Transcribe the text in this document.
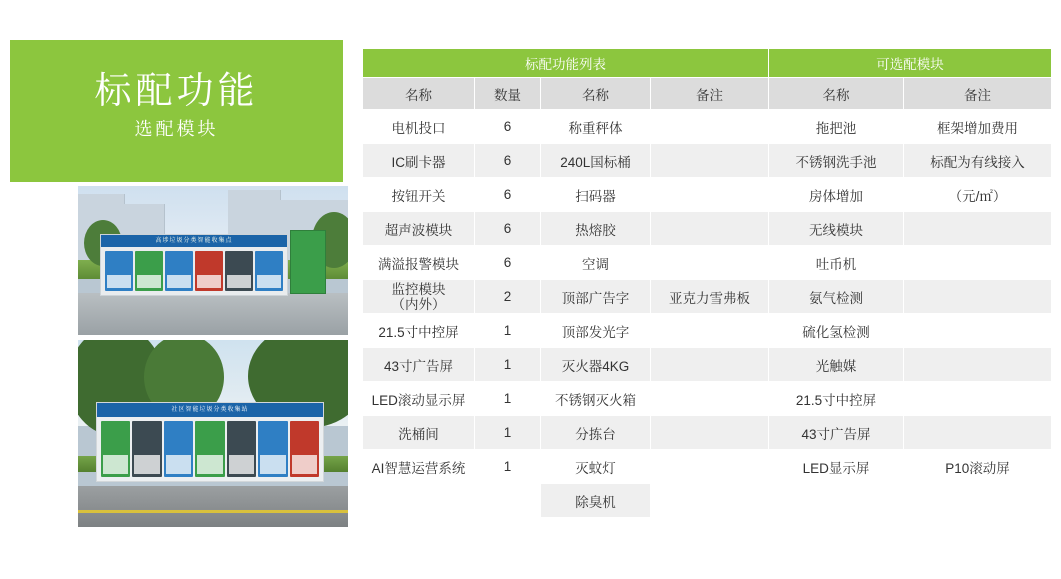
标配功能
选配模块
高埗垃圾分类智能收集点
社区智能垃圾分类收集站
标配功能列表				可选配模块	
名称	数量	名称	备注	名称	备注
电机投口	6	称重秤体		拖把池	框架增加费用
IC刷卡器	6	240L国标桶		不锈钢洗手池	标配为有线接入
按钮开关	6	扫码器		房体增加	（元/㎡）
超声波模块	6	热熔胶		无线模块	
满溢报警模块	6	空调		吐币机	
监控模块
（内外）	2	顶部广告字	亚克力雪弗板	氨气检测	
21.5寸中控屏	1	顶部发光字		硫化氢检测	
43寸广告屏	1	灭火器4KG		光触媒	
LED滚动显示屏	1	不锈钢灭火箱		21.5寸中控屏	
洗桶间	1	分拣台		43寸广告屏	
AI智慧运营系统	1	灭蚊灯		LED显示屏	P10滚动屏
		除臭机			
